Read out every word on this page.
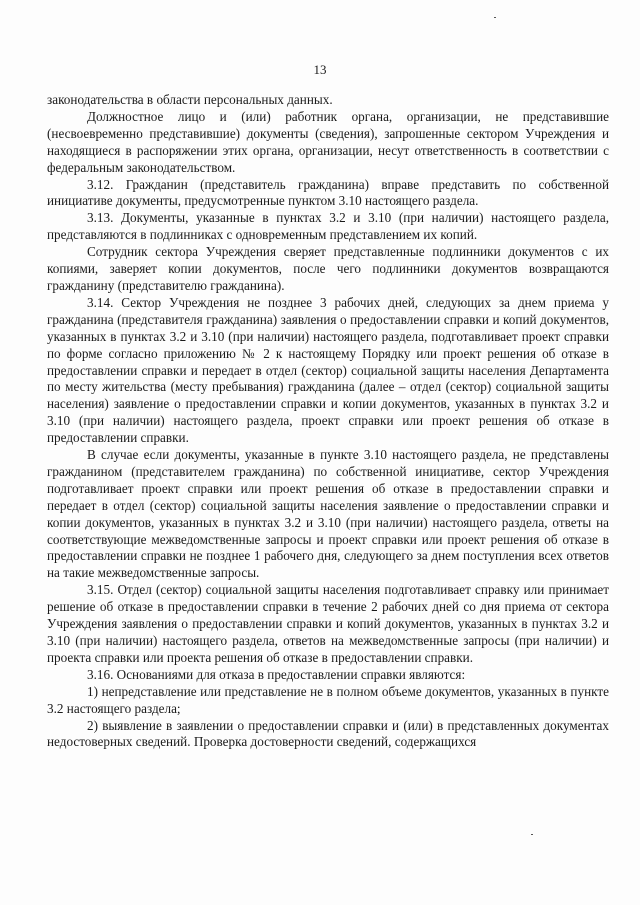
13

законодательства в области персональных данных.

Должностное лицо и (или) работник органа, организации, не представившие (несвоевременно представившие) документы (сведения), запрошенные сектором Учреждения и находящиеся в распоряжении этих органа, организации, несут ответственность в соответствии с федеральным законодательством.

3.12. Гражданин (представитель гражданина) вправе представить по собственной инициативе документы, предусмотренные пунктом 3.10 настоящего раздела.

3.13. Документы, указанные в пунктах 3.2 и 3.10 (при наличии) настоящего раздела, представляются в подлинниках с одновременным представлением их копий.

Сотрудник сектора Учреждения сверяет представленные подлинники документов с их копиями, заверяет копии документов, после чего подлинники документов возвращаются гражданину (представителю гражданина).

3.14. Сектор Учреждения не позднее 3 рабочих дней, следующих за днем приема у гражданина (представителя гражданина) заявления о предоставлении справки и копий документов, указанных в пунктах 3.2 и 3.10 (при наличии) настоящего раздела, подготавливает проект справки по форме согласно приложению № 2 к настоящему Порядку или проект решения об отказе в предоставлении справки и передает в отдел (сектор) социальной защиты населения Департамента по месту жительства (месту пребывания) гражданина (далее – отдел (сектор) социальной защиты населения) заявление о предоставлении справки и копии документов, указанных в пунктах 3.2 и 3.10 (при наличии) настоящего раздела, проект справки или проект решения об отказе в предоставлении справки.

В случае если документы, указанные в пункте 3.10 настоящего раздела, не представлены гражданином (представителем гражданина) по собственной инициативе, сектор Учреждения подготавливает проект справки или проект решения об отказе в предоставлении справки и передает в отдел (сектор) социальной защиты населения заявление о предоставлении справки и копии документов, указанных в пунктах 3.2 и 3.10 (при наличии) настоящего раздела, ответы на соответствующие межведомственные запросы и проект справки или проект решения об отказе в предоставлении справки не позднее 1 рабочего дня, следующего за днем поступления всех ответов на такие межведомственные запросы.

3.15. Отдел (сектор) социальной защиты населения подготавливает справку или принимает решение об отказе в предоставлении справки в течение 2 рабочих дней со дня приема от сектора Учреждения заявления о предоставлении справки и копий документов, указанных в пунктах 3.2 и 3.10 (при наличии) настоящего раздела, ответов на межведомственные запросы (при наличии) и проекта справки или проекта решения об отказе в предоставлении справки.

3.16. Основаниями для отказа в предоставлении справки являются:

1) непредставление или представление не в полном объеме документов, указанных в пункте 3.2 настоящего раздела;

2) выявление в заявлении о предоставлении справки и (или) в представленных документах недостоверных сведений. Проверка достоверности сведений, содержащихся
